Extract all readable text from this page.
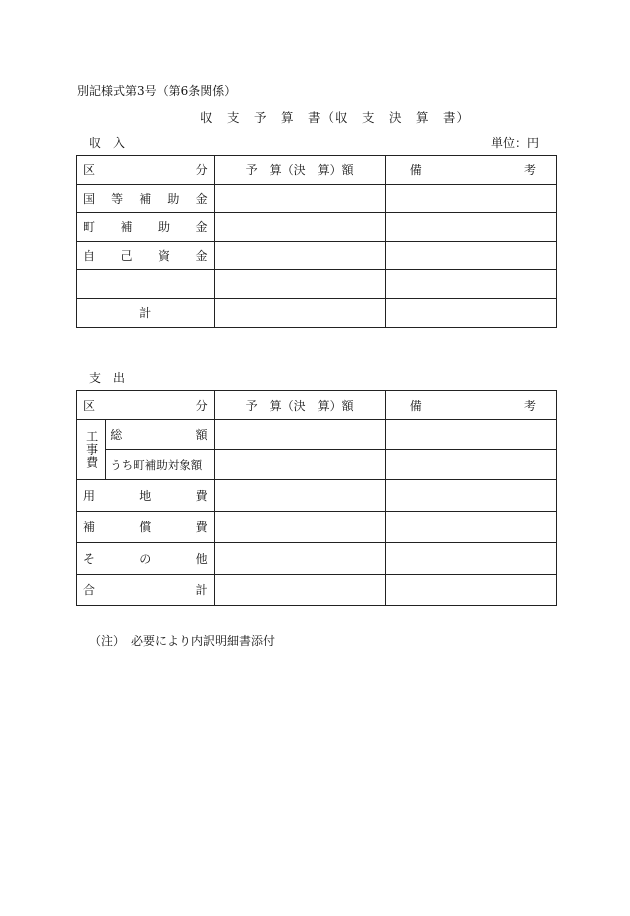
別記様式第3号（第6条関係）
収　支　予　算　書（収　支　決　算　書）
収　入	単位：円
区 分	予　算（決　算）額	備 考

国 等 補 助 金		

町 補 助 金		

自 己 資 金		

計		
支　出
区 分		予　算（決　算）額	備 考

工事費	総 額		

	うち町補助対象額		

用 地 費			

補 償 費			

そ の 他			

合 計			

（注）　必要により内訳明細書添付
